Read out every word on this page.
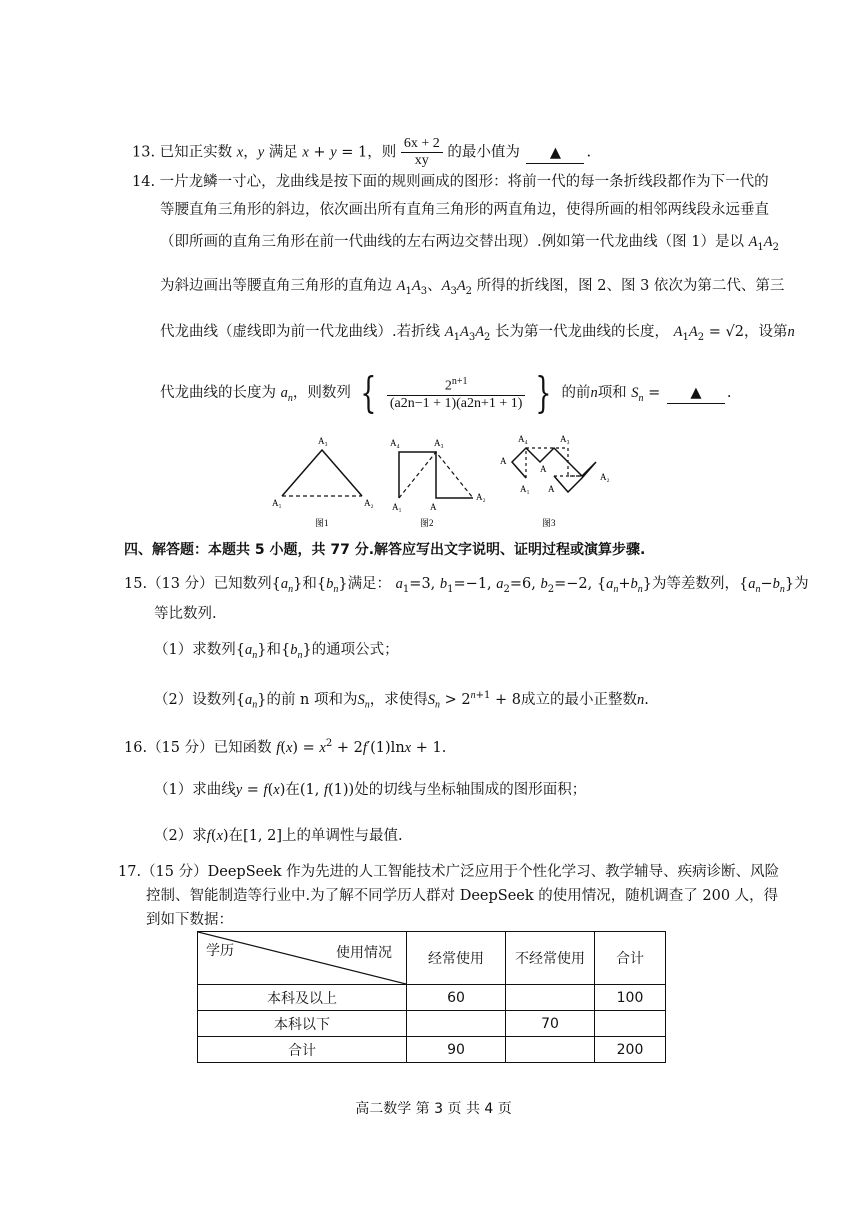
13. 已知正实数 x，y 满足 x + y = 1，则 $\frac{6x + 2}{xy}$ 的最小值为 ▲ .
14. 一片龙鳞一寸心，龙曲线是按下面的规则画成的图形：将前一代的每一条折线段都作为下一代的
等腰直角三角形的斜边，依次画出所有直角三角形的两直角边，使得所画的相邻两线段永远垂直
（即所画的直角三角形在前一代曲线的左右两边交替出现）.例如第一代龙曲线（图 1）是以 $A_1A_2$
为斜边画出等腰直角三角形的直角边 $A_1A_3$、$A_3A_2$ 所得的折线图，图 2、图 3 依次为第二代、第三
代龙曲线（虚线即为前一代龙曲线）.若折线 $A_1A_3A_2$ 长为第一代龙曲线的长度， $A_1A_2 = √2$，设第n
代龙曲线的长度为 $a_n$，则数列 { $\frac{2^{n+1}}{(a2n-1 + 1)(a2n+1 + 1)}$ } 的前n项和 $S_n$ = ▲ .
A₃
A₁	A₂
图1
A₄	A₃
A₁	A
A₂
图2
A₄	A₃
A
A
A₁ A
A₂
图3
四、解答题：本题共 5 小题，共 77 分.解答应写出文字说明、证明过程或演算步骤.
15.（13 分）已知数列$\{a_n\}$和$\{b_n\}$满足： $a_1=3$, $b_1=-1$, $a_2=6$, $b_2=-2$, $\{a_n+b_n\}$为等差数列，$\{a_n-b_n\}$为
等比数列.
（1）求数列$\{a_n\}$和$\{b_n\}$的通项公式；
（2）设数列$\{a_n\}$的前 n 项和为$S_n$，求使得$S_n > 2^{n+1} + 8$成立的最小正整数n.
16.（15 分）已知函数 $f(x) = x^2 + 2f'(1)\ln x + 1$.
（1）求曲线y = f(x)在(1, f(1))处的切线与坐标轴围成的图形面积；
（2）求f(x)在[1, 2]上的单调性与最值.
17.（15 分）DeepSeek 作为先进的人工智能技术广泛应用于个性化学习、教学辅导、疾病诊断、风险
控制、智能制造等行业中.为了解不同学历人群对 DeepSeek 的使用情况，随机调查了 200 人，得
到如下数据：
学历 使用情况	经常使用	不经常使用	合计
本科及以上	60		100
本科以下		70	
合计	90		200
高二数学 第 3 页 共 4 页
